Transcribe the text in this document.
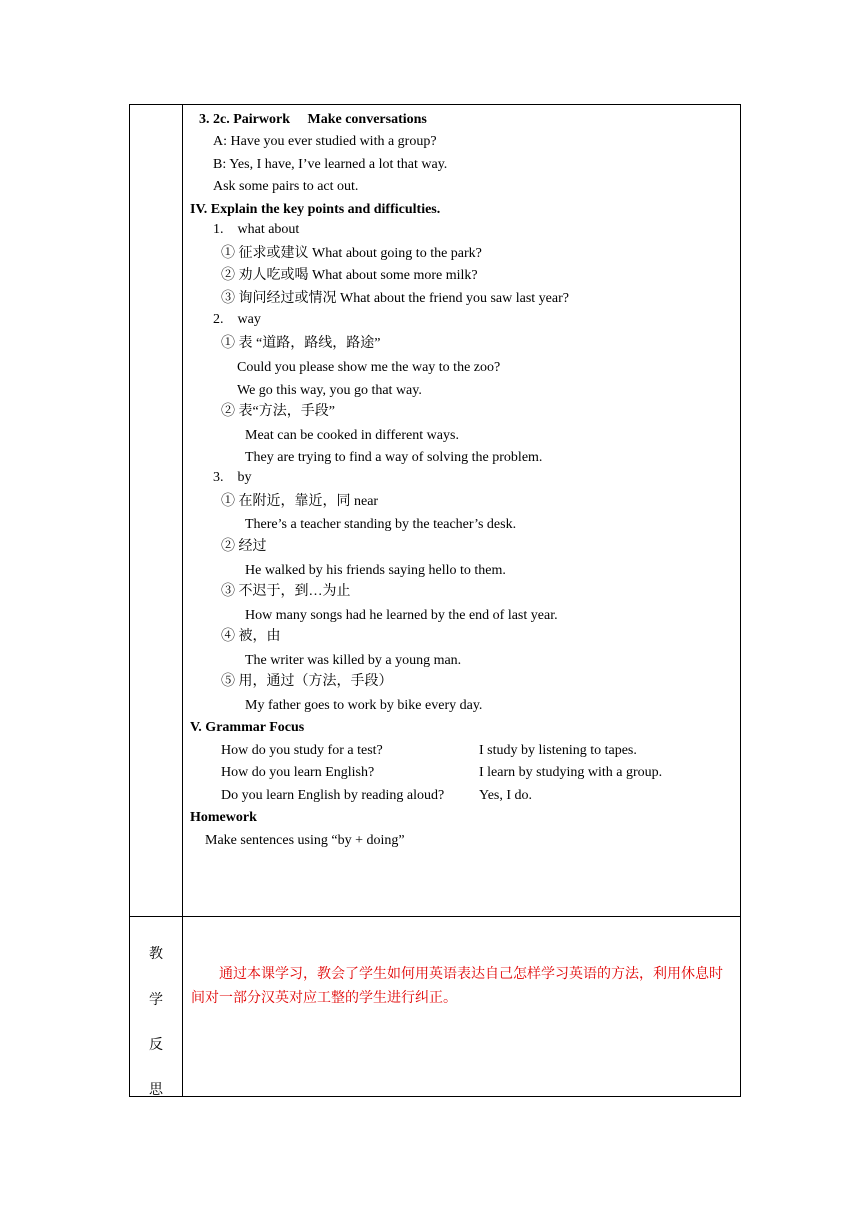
3. 2c. Pairwork　 Make conversations
A: Have you ever studied with a group?
B: Yes, I have, I’ve learned a lot that way.
Ask some pairs to act out.
IV. Explain the key points and difficulties.
1.　what about
① 征求或建议 What about going to the park?
② 劝人吃或喝 What about some more milk?
③ 询问经过或情况 What about the friend you saw last year?
2.　way
① 表 “道路，路线，路途”
Could you please show me the way to the zoo?
We go this way, you go that way.
② 表“方法，手段”
Meat can be cooked in different ways.
They are trying to find a way of solving the problem.
3.　by
① 在附近，靠近，同 near
There’s a teacher standing by the teacher’s desk.
② 经过
He walked by his friends saying hello to them.
③ 不迟于，到…为止
How many songs had he learned by the end of last year.
④ 被，由
The writer was killed by a young man.
⑤ 用，通过（方法，手段）
My father goes to work by bike every day.
V. Grammar Focus
How do you study for a test?	I study by listening to tapes.
How do you learn English?	I learn by studying with a group.
Do you learn English by reading aloud? Yes, I do.
Homework
Make sentences using “by + doing”
教
学
反
思
通过本课学习，教会了学生如何用英语表达自己怎样学习英语的方法，利用休息时间对一部分汉英对应工整的学生进行纠正。
